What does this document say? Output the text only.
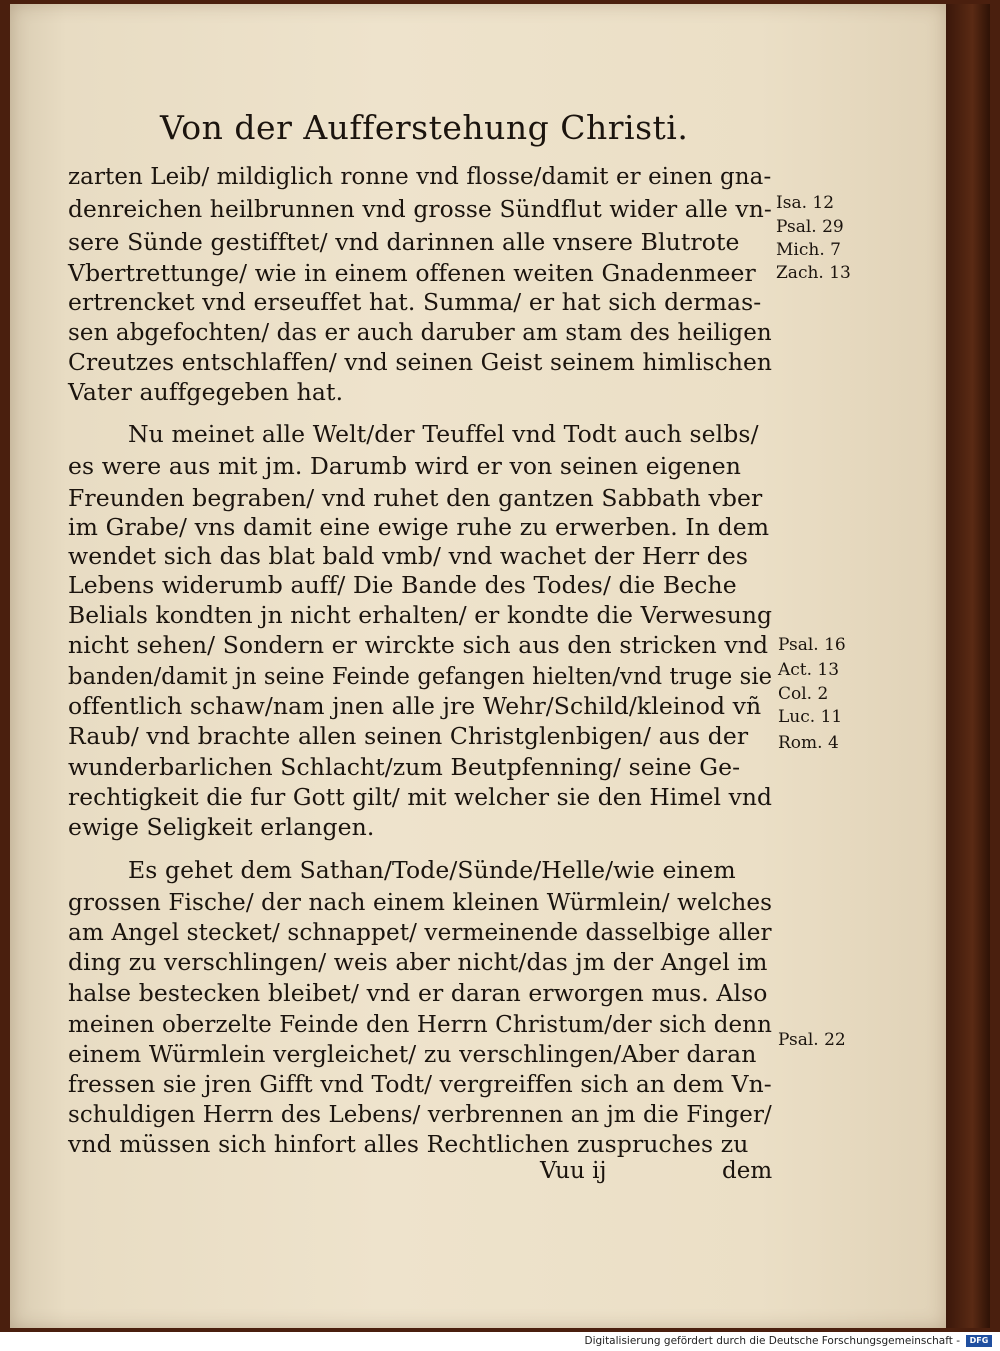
Von der Aufferstehung Christi.
zarten Leib/ mildiglich ronne vnd flosse/damit er einen gna-
denreichen heilbrunnen vnd grosse Sündflut wider alle vn-
sere Sünde gestifftet/ vnd darinnen alle vnsere Blutrote
Vbertrettunge/ wie in einem offenen weiten Gnadenmeer
ertrencket vnd erseuffet hat. Summa/ er hat sich dermas-
sen abgefochten/ das er auch daruber am stam des heiligen
Creutzes entschlaffen/ vnd seinen Geist seinem himlischen
Vater auffgegeben hat.
Nu meinet alle Welt/der Teuffel vnd Todt auch selbs/
es were aus mit jm. Darumb wird er von seinen eigenen
Freunden begraben/ vnd ruhet den gantzen Sabbath vber
im Grabe/ vns damit eine ewige ruhe zu erwerben. In dem
wendet sich das blat bald vmb/ vnd wachet der Herr des
Lebens widerumb auff/ Die Bande des Todes/ die Beche
Belials kondten jn nicht erhalten/ er kondte die Verwesung
nicht sehen/ Sondern er wirckte sich aus den stricken vnd
banden/damit jn seine Feinde gefangen hielten/vnd truge sie
offentlich schaw/nam jnen alle jre Wehr/Schild/kleinod vñ
Raub/ vnd brachte allen seinen Christglenbigen/ aus der
wunderbarlichen Schlacht/zum Beutpfenning/ seine Ge-
rechtigkeit die fur Gott gilt/ mit welcher sie den Himel vnd
ewige Seligkeit erlangen.
Es gehet dem Sathan/Tode/Sünde/Helle/wie einem
grossen Fische/ der nach einem kleinen Würmlein/ welches
am Angel stecket/ schnappet/ vermeinende dasselbige aller
ding zu verschlingen/ weis aber nicht/das jm der Angel im
halse bestecken bleibet/ vnd er daran erworgen mus. Also
meinen oberzelte Feinde den Herrn Christum/der sich denn
einem Würmlein vergleichet/ zu verschlingen/Aber daran
fressen sie jren Gifft vnd Todt/ vergreiffen sich an dem Vn-
schuldigen Herrn des Lebens/ verbrennen an jm die Finger/
vnd müssen sich hinfort alles Rechtlichen zuspruches zu
Isa. 12
Psal. 29
Mich. 7
Zach. 13
Psal. 16
Act. 13
Col. 2
Luc. 11
Rom. 4
Psal. 22
Vuu ij	dem
Digitalisierung gefördert durch die Deutsche Forschungsgemeinschaft -	DFG
